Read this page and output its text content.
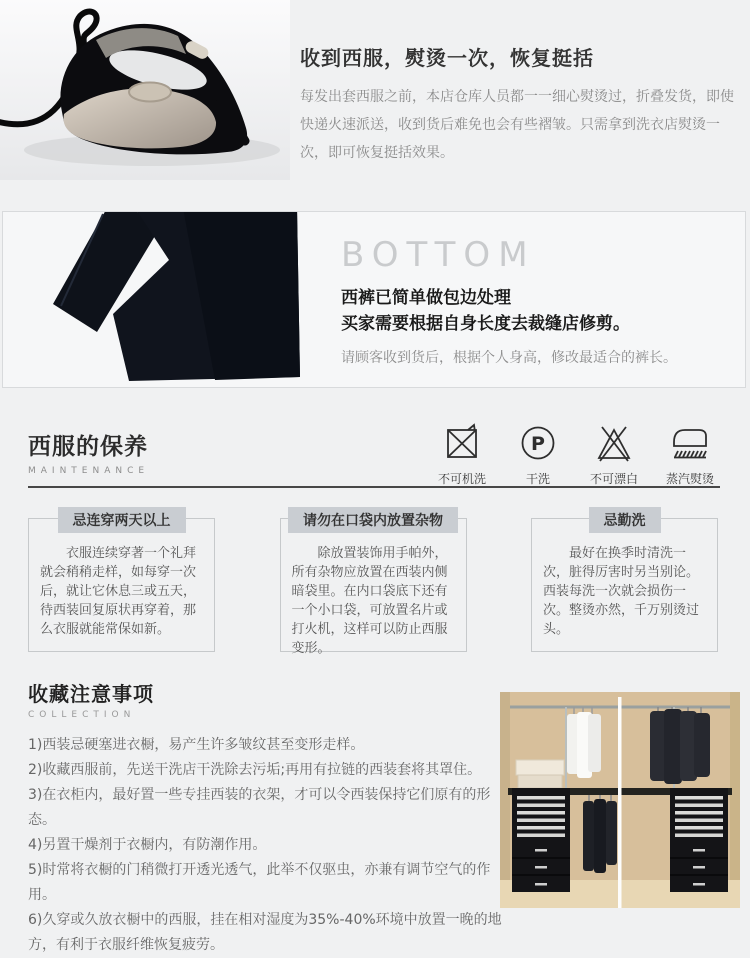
收到西服，熨烫一次，恢复挺括

每发出套西服之前，本店仓库人员都一一细心熨烫过，折叠发货，即使快递火速派送，收到货后难免也会有些褶皱。只需拿到洗衣店熨烫一次，即可恢复挺括效果。

BOTTOM
西裤已简单做包边处理
买家需要根据自身长度去裁缝店修剪。
请顾客收到货后，根据个人身高，修改最适合的裤长。
西服的保养
MAINTENANCE
不可机洗
P
干洗	不可漂白 蒸汽熨烫
忌连穿两天以上

衣服连续穿著一个礼拜就会稍稍走样，如每穿一次后，就让它休息三或五天，待西装回复原状再穿着，那么衣服就能常保如新。

请勿在口袋内放置杂物

除放置装饰用手帕外，所有杂物应放置在西装内侧暗袋里。在内口袋底下还有一个小口袋，可放置名片或打火机，这样可以防止西服变形。

忌勤洗

最好在换季时清洗一次，脏得厉害时另当别论。西装每洗一次就会损伤一次。整烫亦然，千万别烫过头。

收藏注意事项
COLLECTION
1)西装忌硬塞进衣橱，易产生许多皱纹甚至变形走样。
2)收藏西服前，先送干洗店干洗除去污垢;再用有拉链的西装套将其罩住。
3)在衣柜内，最好置一些专挂西装的衣架，才可以令西装保持它们原有的形态。
4)另置干燥剂于衣橱内，有防潮作用。
5)时常将衣橱的门稍微打开透光透气，此举不仅驱虫，亦兼有调节空气的作用。
6)久穿或久放衣橱中的西服，挂在相对湿度为35%-40%环境中放置一晚的地方，有利于衣服纤维恢复疲劳。
